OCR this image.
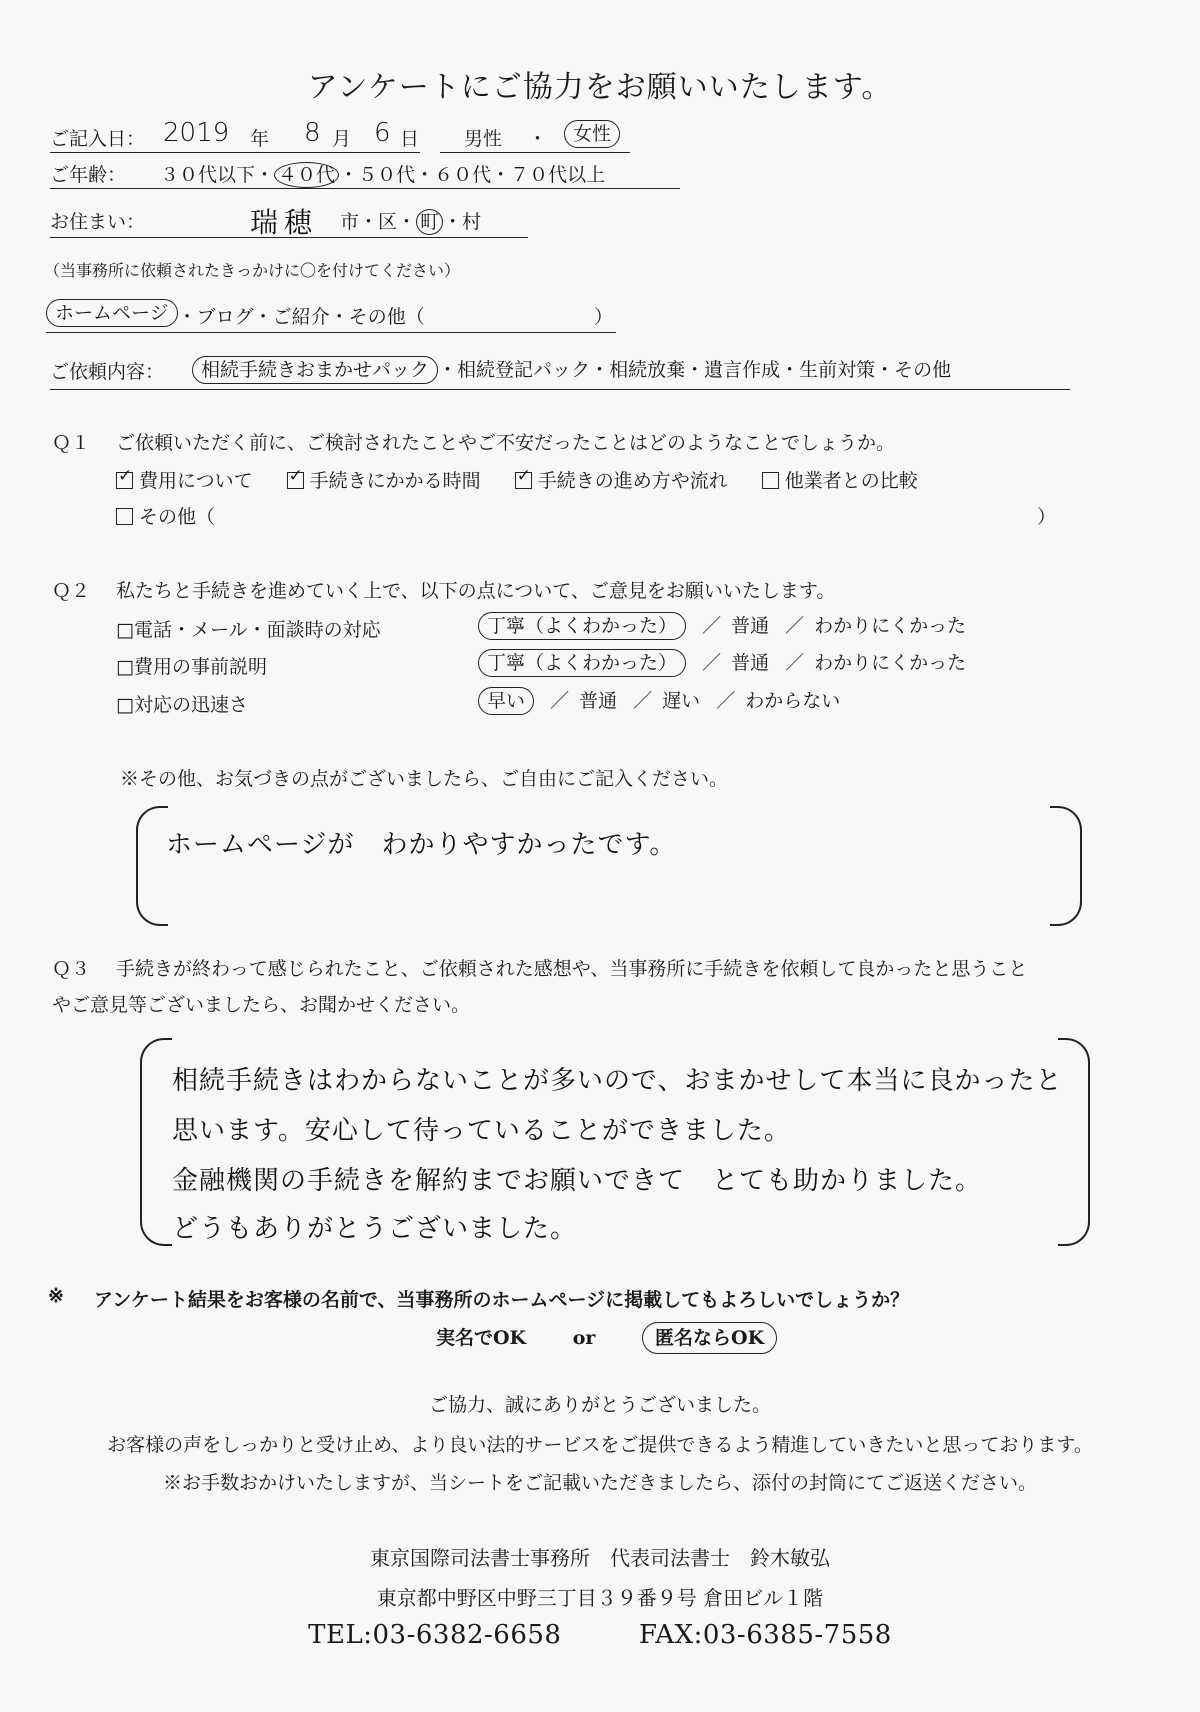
アンケートにご協力をお願いいたします。
ご記入日： 2019 年 8 月 6 日 男性 ・	女性
ご年齢： ３０代以下・ ４０代 ・５０代・６０代・７０代以上
お住まい：	瑞穂 市・区・ 町 ・村
（当事務所に依頼されたきっかけに〇を付けてください）
ホームページ ・ブログ・ご紹介・その他（	）
ご依頼内容：	相続手続きおまかせパック ・相続登記パック・相続放棄・遺言作成・生前対策・その他
Ｑ１ ご依頼いただく前に、ご検討されたことやご不安だったことはどのようなことでしょうか。
✓費用について ✓	手続きにかかる時間 ✓	手続きの進め方や流れ	他業者との比較
その他（	）
Ｑ２ 私たちと手続きを進めていく上で、以下の点について、ご意見をお願いいたします。
□電話・メール・面談時の対応	丁寧（よくわかった） ／ 普通 ／ わかりにくかった
□費用の事前説明	丁寧（よくわかった） ／ 普通 ／ わかりにくかった
□対応の迅速さ	早い ／ 普通 ／ 遅い ／ わからない
※その他、お気づきの点がございましたら、ご自由にご記入ください。
ホームページが　わかりやすかったです。
Ｑ３ 手続きが終わって感じられたこと、ご依頼された感想や、当事務所に手続きを依頼して良かったと思うこと
やご意見等ございましたら、お聞かせください。
相続手続きはわからないことが多いので、おまかせして本当に良かったと
思います。安心して待っていることができました。
金融機関の手続きを解約までお願いできて　とても助かりました。
どうもありがとうございました。
※ アンケート結果をお客様の名前で、当事務所のホームページに掲載してもよろしいでしょうか？
実名でOK or	匿名ならOK
ご協力、誠にありがとうございました。
お客様の声をしっかりと受け止め、より良い法的サービスをご提供できるよう精進していきたいと思っております。
※お手数おかけいたしますが、当シートをご記載いただきましたら、添付の封筒にてご返送ください。
東京国際司法書士事務所　代表司法書士　鈴木敏弘
東京都中野区中野三丁目３９番９号 倉田ビル１階
TEL:03-6382-6658	FAX:03-6385-7558
